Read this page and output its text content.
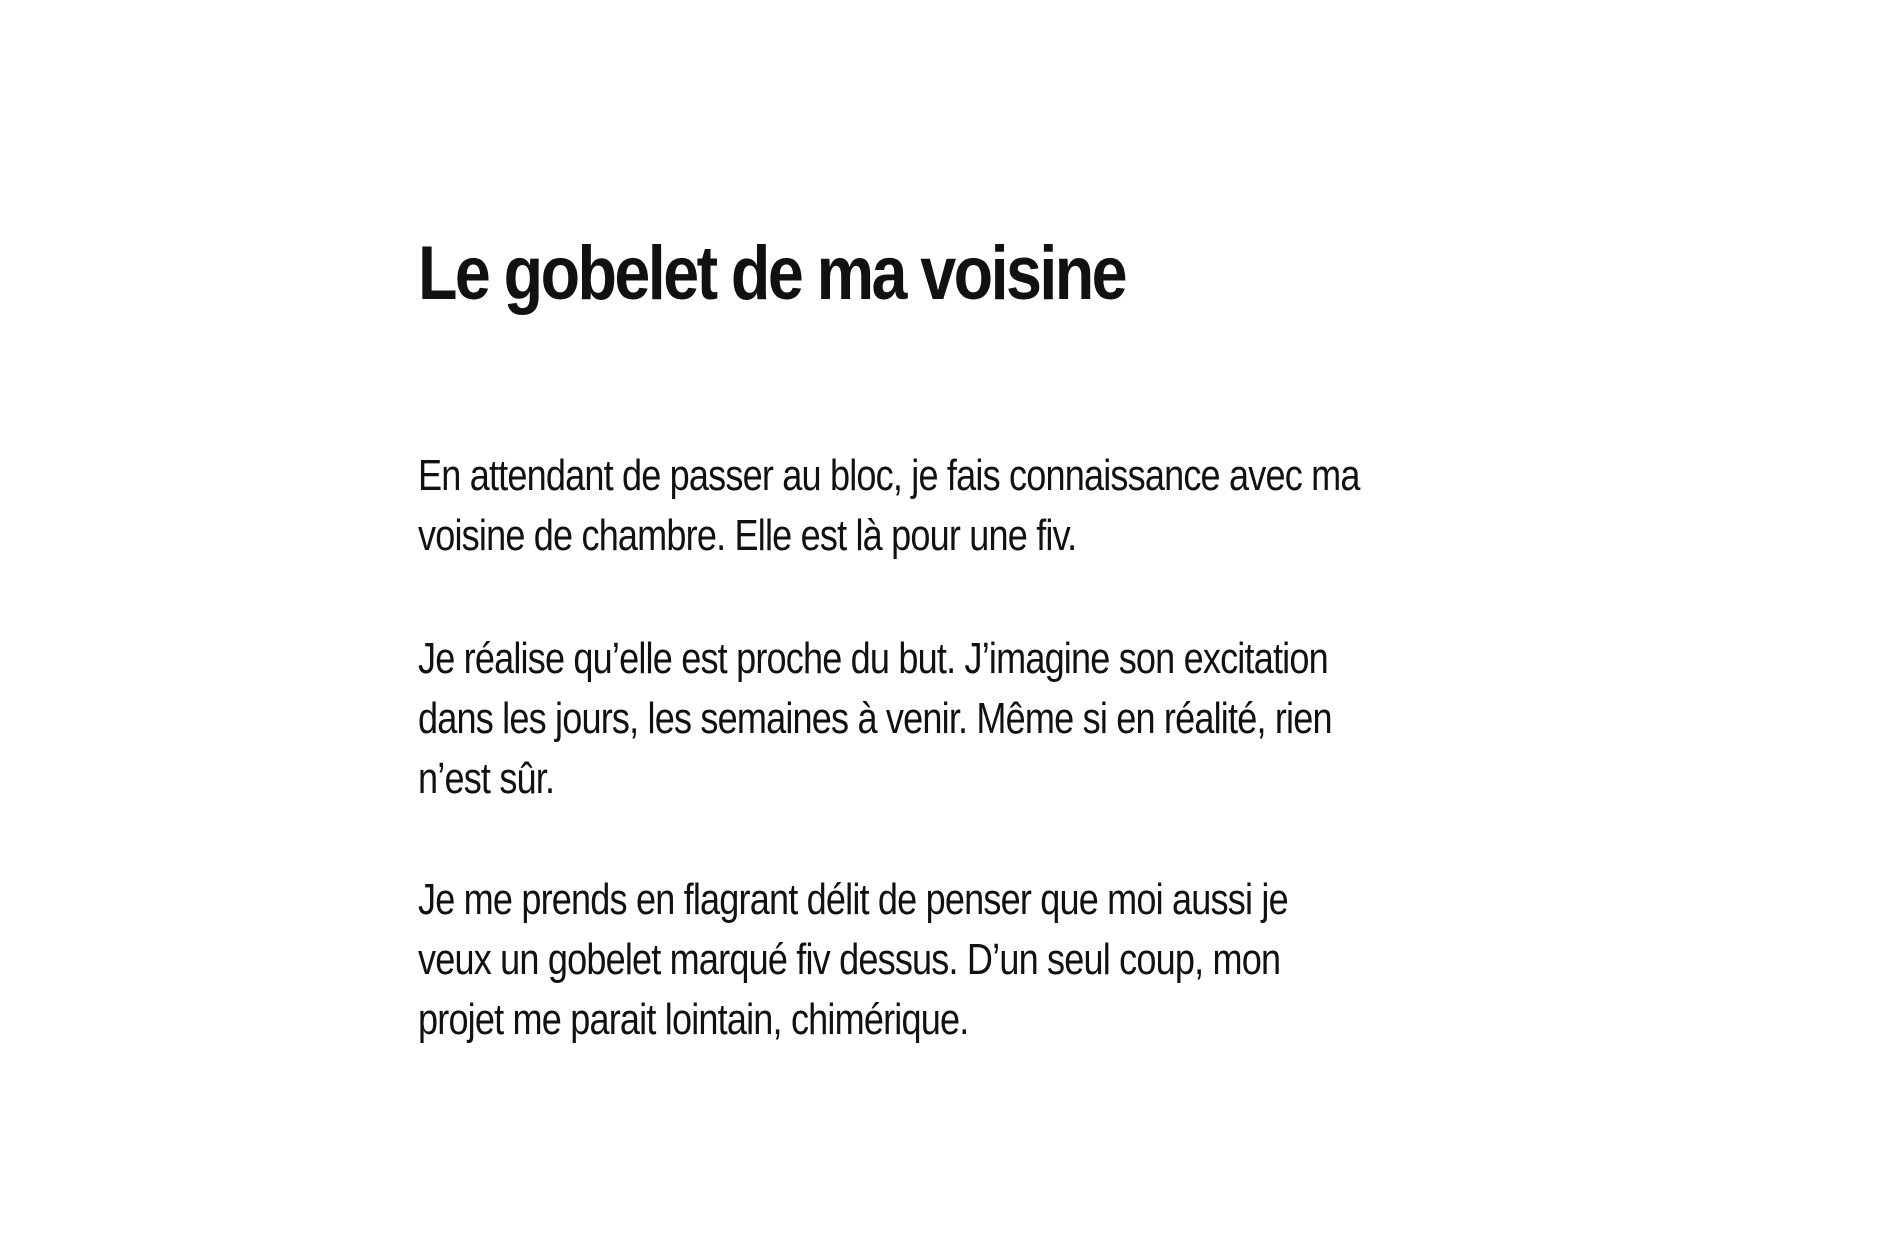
Le gobelet de ma voisine

En attendant de passer au bloc, je fais connaissance avec ma
voisine de chambre. Elle est là pour une fiv.

Je réalise qu’elle est proche du but. J’imagine son excitation
dans les jours, les semaines à venir. Même si en réalité, rien
n’est sûr.

Je me prends en flagrant délit de penser que moi aussi je
veux un gobelet marqué fiv dessus. D’un seul coup, mon
projet me parait lointain, chimérique.
